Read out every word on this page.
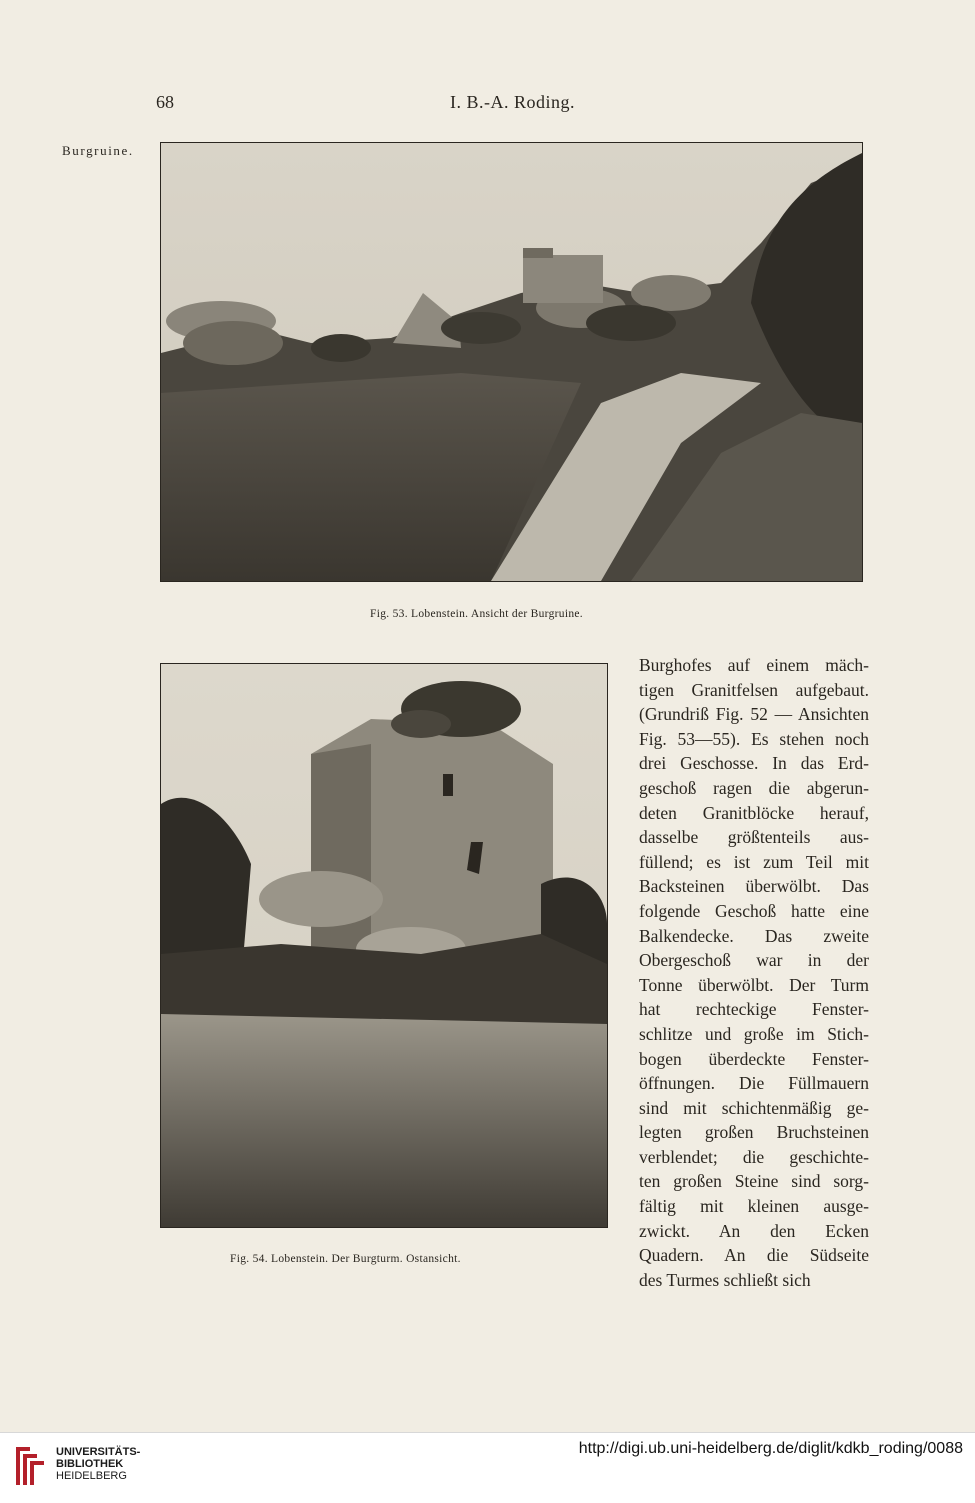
68	I. B.-A. Roding.
Burgruine.
Fig. 53. Lobenstein. Ansicht der Burgruine.
Fig. 54. Lobenstein. Der Burgturm. Ostansicht.
Burghofes auf einem mäch-
tigen Granitfelsen aufgebaut.
(Grundriß Fig. 52 — Ansichten
Fig. 53—55). Es stehen noch
drei Geschosse. In das Erd-
geschoß ragen die abgerun-
deten Granitblöcke herauf,
dasselbe größtenteils aus-
füllend; es ist zum Teil mit
Backsteinen überwölbt. Das
folgende Geschoß hatte eine
Balkendecke. Das zweite
Obergeschoß war in der
Tonne überwölbt. Der Turm
hat rechteckige Fenster-
schlitze und große im Stich-
bogen überdeckte Fenster-
öffnungen. Die Füllmauern
sind mit schichtenmäßig ge-
legten großen Bruchsteinen
verblendet; die geschichte-
ten großen Steine sind sorg-
fältig mit kleinen ausge-
zwickt. An den Ecken
Quadern. An die Südseite
des Turmes schließt sich
UNIVERSITÄTS-
BIBLIOTHEK
HEIDELBERG
http://digi.ub.uni-heidelberg.de/diglit/kdkb_roding/0088
